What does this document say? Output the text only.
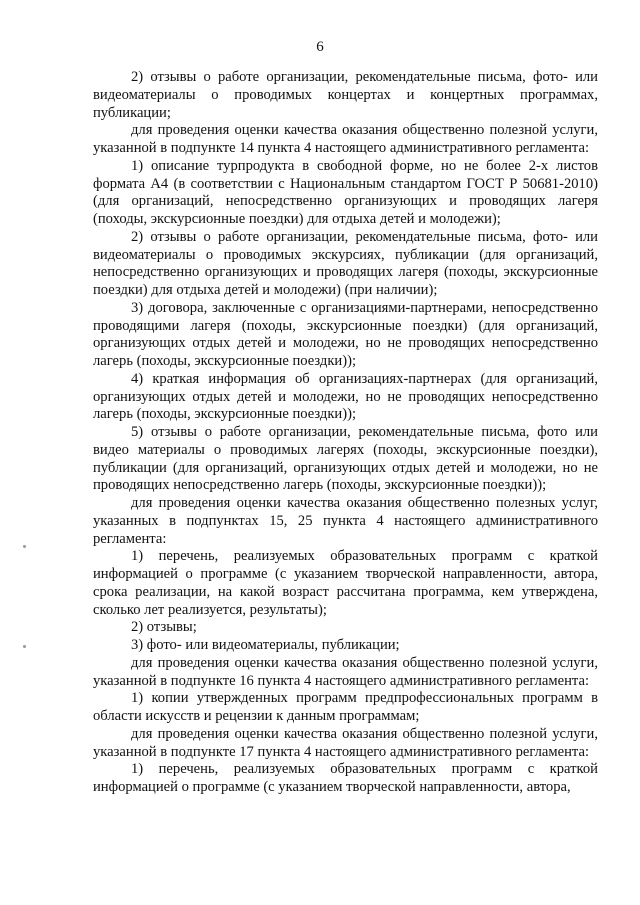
6

2) отзывы о работе организации, рекомендательные письма, фото- или видеоматериалы о проводимых концертах и концертных программах, публикации;

для проведения оценки качества оказания общественно полезной услуги, указанной в подпункте 14 пункта 4 настоящего административного регламента:

1) описание турпродукта в свободной форме, но не более 2-х листов формата А4 (в соответствии с Национальным стандартом ГОСТ Р 50681-2010) (для организаций, непосредственно организующих и проводящих лагеря (походы, экскурсионные поездки) для отдыха детей и молодежи);

2) отзывы о работе организации, рекомендательные письма, фото- или видеоматериалы о проводимых экскурсиях, публикации (для организаций, непосредственно организующих и проводящих лагеря (походы, экскурсионные поездки) для отдыха детей и молодежи) (при наличии);

3) договора, заключенные с организациями-партнерами, непосредственно проводящими лагеря (походы, экскурсионные поездки) (для организаций, организующих отдых детей и молодежи, но не проводящих непосредственно лагерь (походы, экскурсионные поездки));

4) краткая информация об организациях-партнерах (для организаций, организующих отдых детей и молодежи, но не проводящих непосредственно лагерь (походы, экскурсионные поездки));

5) отзывы о работе организации, рекомендательные письма, фото или видео материалы о проводимых лагерях (походы, экскурсионные поездки), публикации (для организаций, организующих отдых детей и молодежи, но не проводящих непосредственно лагерь (походы, экскурсионные поездки));

для проведения оценки качества оказания общественно полезных услуг, указанных в подпунктах 15, 25 пункта 4 настоящего административного регламента:

1) перечень, реализуемых образовательных программ с краткой информацией о программе (с указанием творческой направленности, автора, срока реализации, на какой возраст рассчитана программа, кем утверждена, сколько лет реализуется, результаты);

2) отзывы;

3) фото- или видеоматериалы, публикации;

для проведения оценки качества оказания общественно полезной услуги, указанной в подпункте 16 пункта 4 настоящего административного регламента:

1) копии утвержденных программ предпрофессиональных программ в области искусств и рецензии к данным программам;

для проведения оценки качества оказания общественно полезной услуги, указанной в подпункте 17 пункта 4 настоящего административного регламента:

1) перечень, реализуемых образовательных программ с краткой информацией о программе (с указанием творческой направленности, автора,
